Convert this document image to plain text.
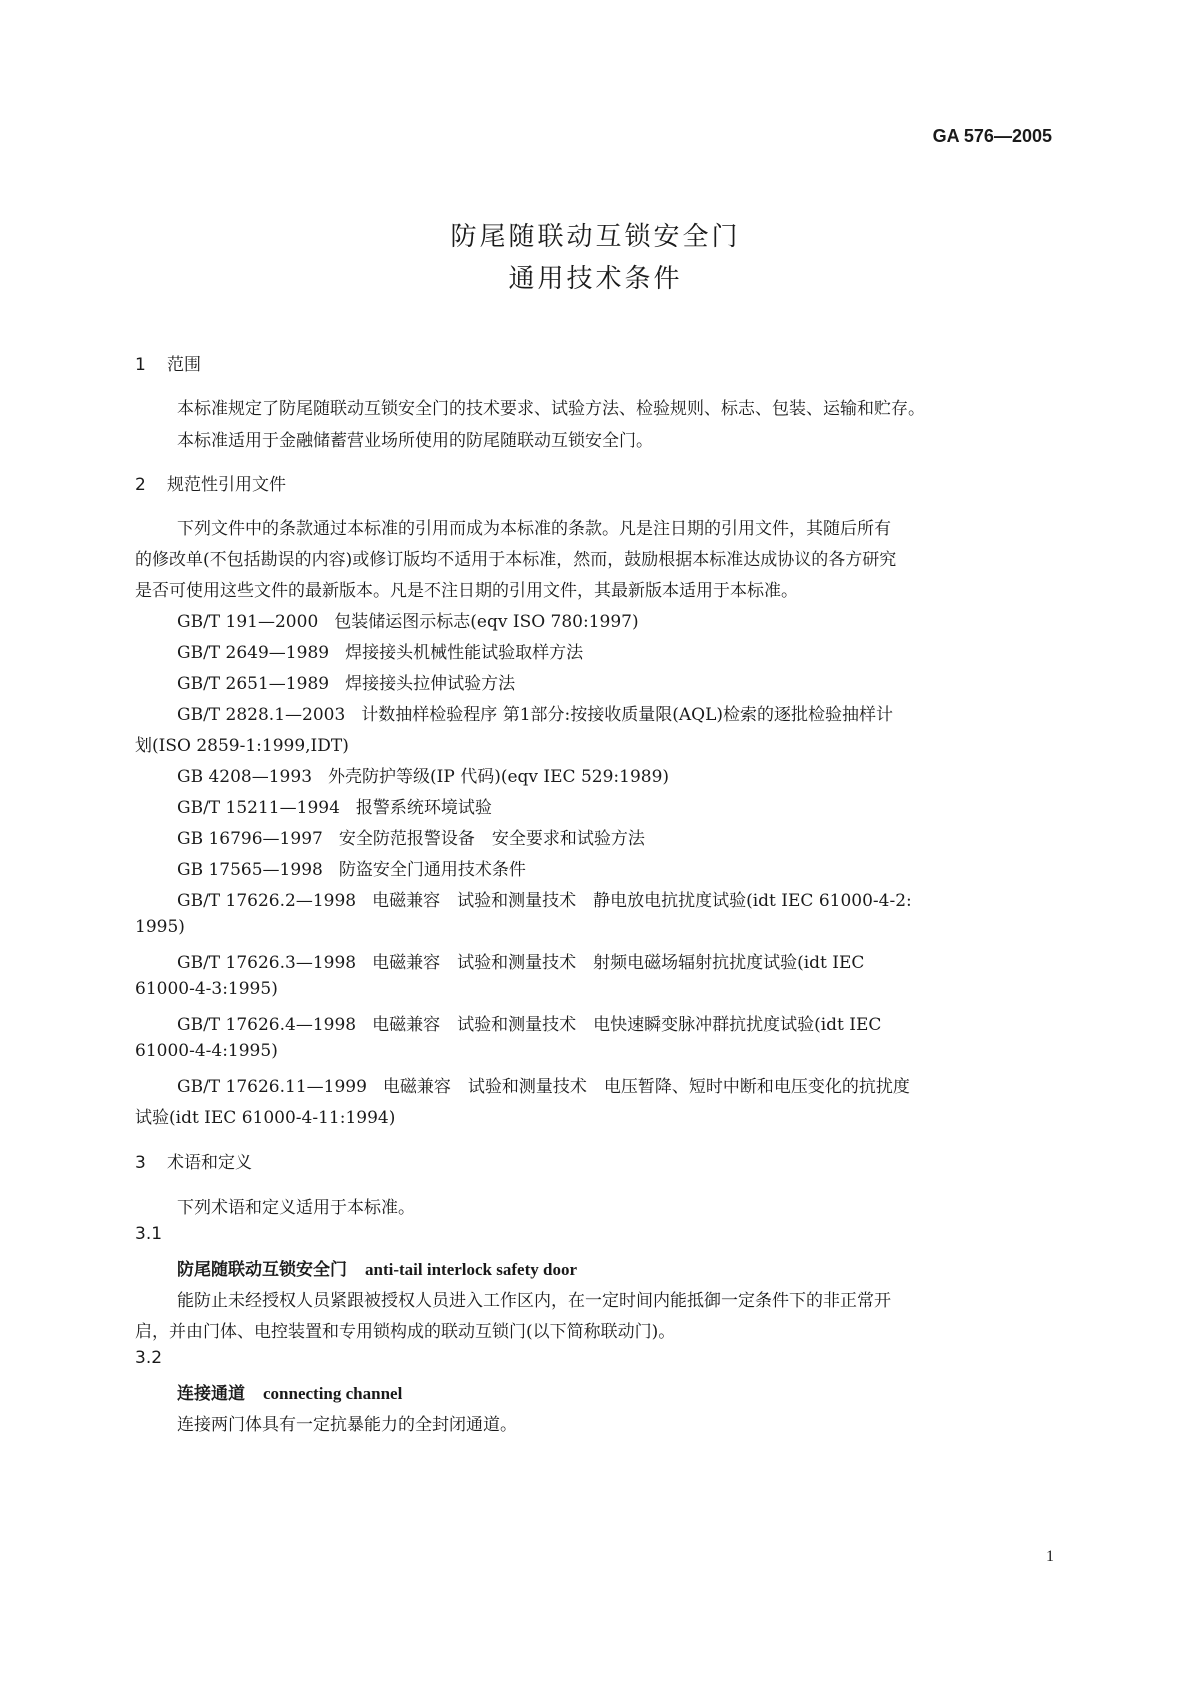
GA 576—2005
防尾随联动互锁安全门
通用技术条件
1 范围
本标准规定了防尾随联动互锁安全门的技术要求、试验方法、检验规则、标志、包装、运输和贮存。
本标准适用于金融储蓄营业场所使用的防尾随联动互锁安全门。
2 规范性引用文件
下列文件中的条款通过本标准的引用而成为本标准的条款。凡是注日期的引用文件，其随后所有
的修改单(不包括勘误的内容)或修订版均不适用于本标准，然而，鼓励根据本标准达成协议的各方研究
是否可使用这些文件的最新版本。凡是不注日期的引用文件，其最新版本适用于本标准。
GB/T 191—2000 包装储运图示标志(eqv ISO 780:1997)
GB/T 2649—1989 焊接接头机械性能试验取样方法
GB/T 2651—1989 焊接接头拉伸试验方法
GB/T 2828.1—2003 计数抽样检验程序 第1部分:按接收质量限(AQL)检索的逐批检验抽样计
划(ISO 2859-1:1999,IDT)
GB 4208—1993 外壳防护等级(IP 代码)(eqv IEC 529:1989)
GB/T 15211—1994 报警系统环境试验
GB 16796—1997 安全防范报警设备　安全要求和试验方法
GB 17565—1998 防盗安全门通用技术条件
GB/T 17626.2—1998 电磁兼容　试验和测量技术　静电放电抗扰度试验(idt IEC 61000-4-2:
1995)
GB/T 17626.3—1998 电磁兼容　试验和测量技术　射频电磁场辐射抗扰度试验(idt IEC
61000-4-3:1995)
GB/T 17626.4—1998 电磁兼容　试验和测量技术　电快速瞬变脉冲群抗扰度试验(idt IEC
61000-4-4:1995)
GB/T 17626.11—1999 电磁兼容　试验和测量技术　电压暂降、短时中断和电压变化的抗扰度
试验(idt IEC 61000-4-11:1994)
3 术语和定义
下列术语和定义适用于本标准。
3.1
防尾随联动互锁安全门 anti-tail interlock safety door
能防止未经授权人员紧跟被授权人员进入工作区内，在一定时间内能抵御一定条件下的非正常开
启，并由门体、电控装置和专用锁构成的联动互锁门(以下简称联动门)。
3.2
连接通道 connecting channel
连接两门体具有一定抗暴能力的全封闭通道。
1
